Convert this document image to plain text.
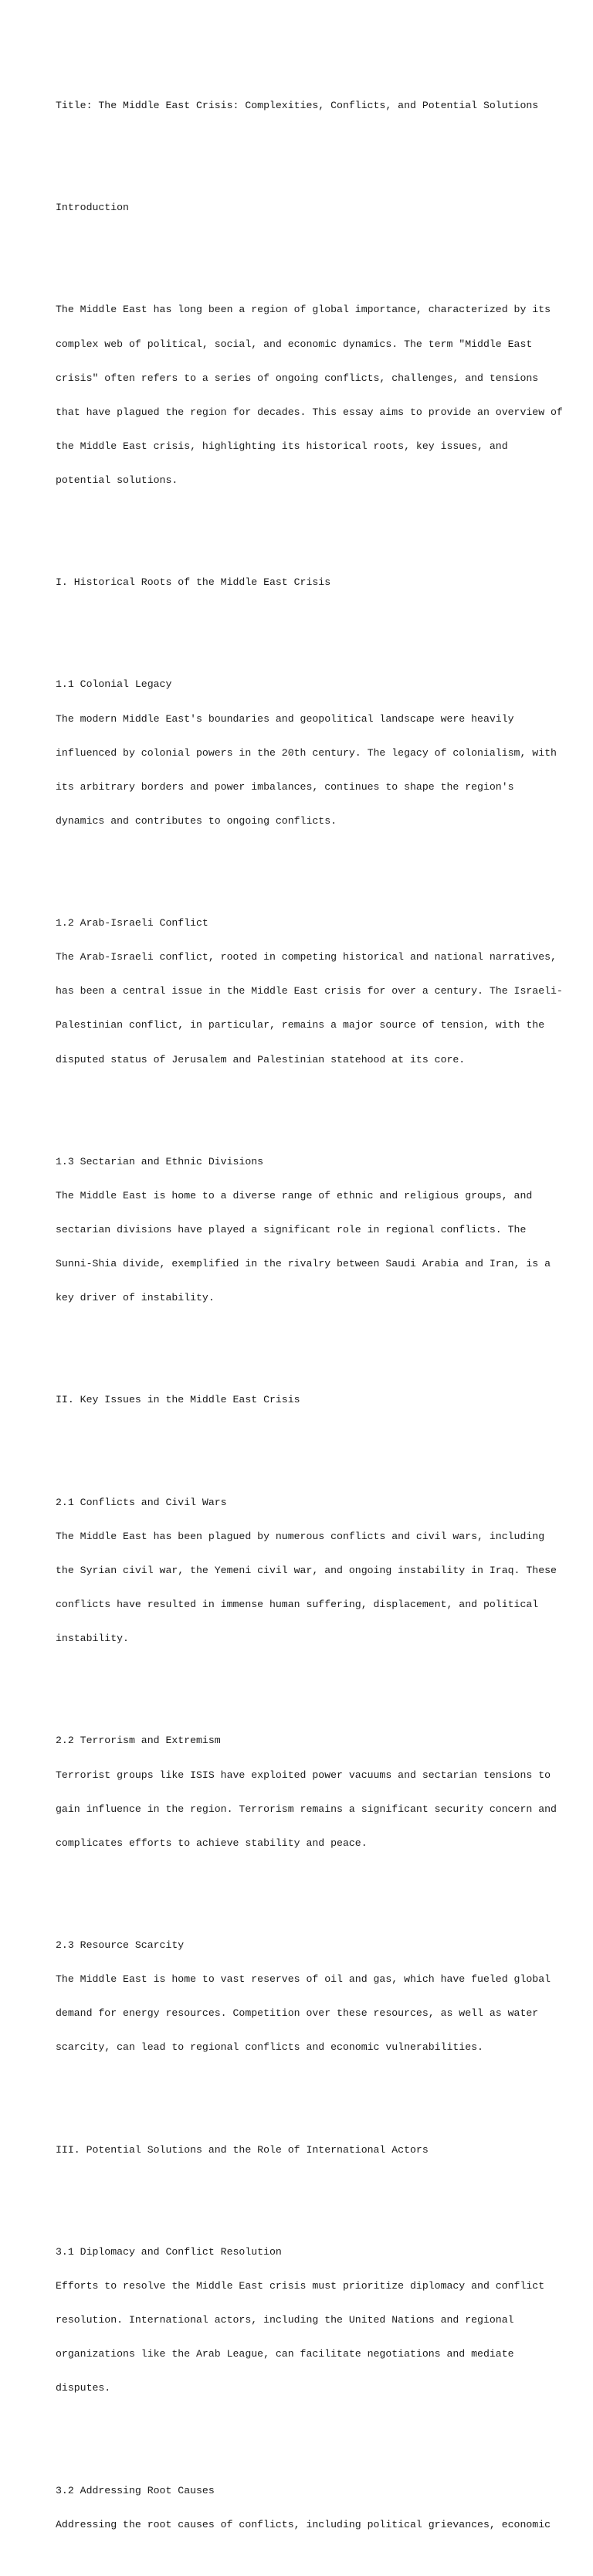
Title: The Middle East Crisis: Complexities, Conflicts, and Potential Solutions

Introduction

The Middle East has long been a region of global importance, characterized by its

complex web of political, social, and economic dynamics. The term "Middle East

crisis" often refers to a series of ongoing conflicts, challenges, and tensions

that have plagued the region for decades. This essay aims to provide an overview of

the Middle East crisis, highlighting its historical roots, key issues, and

potential solutions.

I. Historical Roots of the Middle East Crisis

1.1 Colonial Legacy

The modern Middle East's boundaries and geopolitical landscape were heavily

influenced by colonial powers in the 20th century. The legacy of colonialism, with

its arbitrary borders and power imbalances, continues to shape the region's

dynamics and contributes to ongoing conflicts.

1.2 Arab-Israeli Conflict

The Arab-Israeli conflict, rooted in competing historical and national narratives,

has been a central issue in the Middle East crisis for over a century. The Israeli-

Palestinian conflict, in particular, remains a major source of tension, with the

disputed status of Jerusalem and Palestinian statehood at its core.

1.3 Sectarian and Ethnic Divisions

The Middle East is home to a diverse range of ethnic and religious groups, and

sectarian divisions have played a significant role in regional conflicts. The

Sunni-Shia divide, exemplified in the rivalry between Saudi Arabia and Iran, is a

key driver of instability.

II. Key Issues in the Middle East Crisis

2.1 Conflicts and Civil Wars

The Middle East has been plagued by numerous conflicts and civil wars, including

the Syrian civil war, the Yemeni civil war, and ongoing instability in Iraq. These

conflicts have resulted in immense human suffering, displacement, and political

instability.

2.2 Terrorism and Extremism

Terrorist groups like ISIS have exploited power vacuums and sectarian tensions to

gain influence in the region. Terrorism remains a significant security concern and

complicates efforts to achieve stability and peace.

2.3 Resource Scarcity

The Middle East is home to vast reserves of oil and gas, which have fueled global

demand for energy resources. Competition over these resources, as well as water

scarcity, can lead to regional conflicts and economic vulnerabilities.

III. Potential Solutions and the Role of International Actors

3.1 Diplomacy and Conflict Resolution

Efforts to resolve the Middle East crisis must prioritize diplomacy and conflict

resolution. International actors, including the United Nations and regional

organizations like the Arab League, can facilitate negotiations and mediate

disputes.

3.2 Addressing Root Causes

Addressing the root causes of conflicts, including political grievances, economic
